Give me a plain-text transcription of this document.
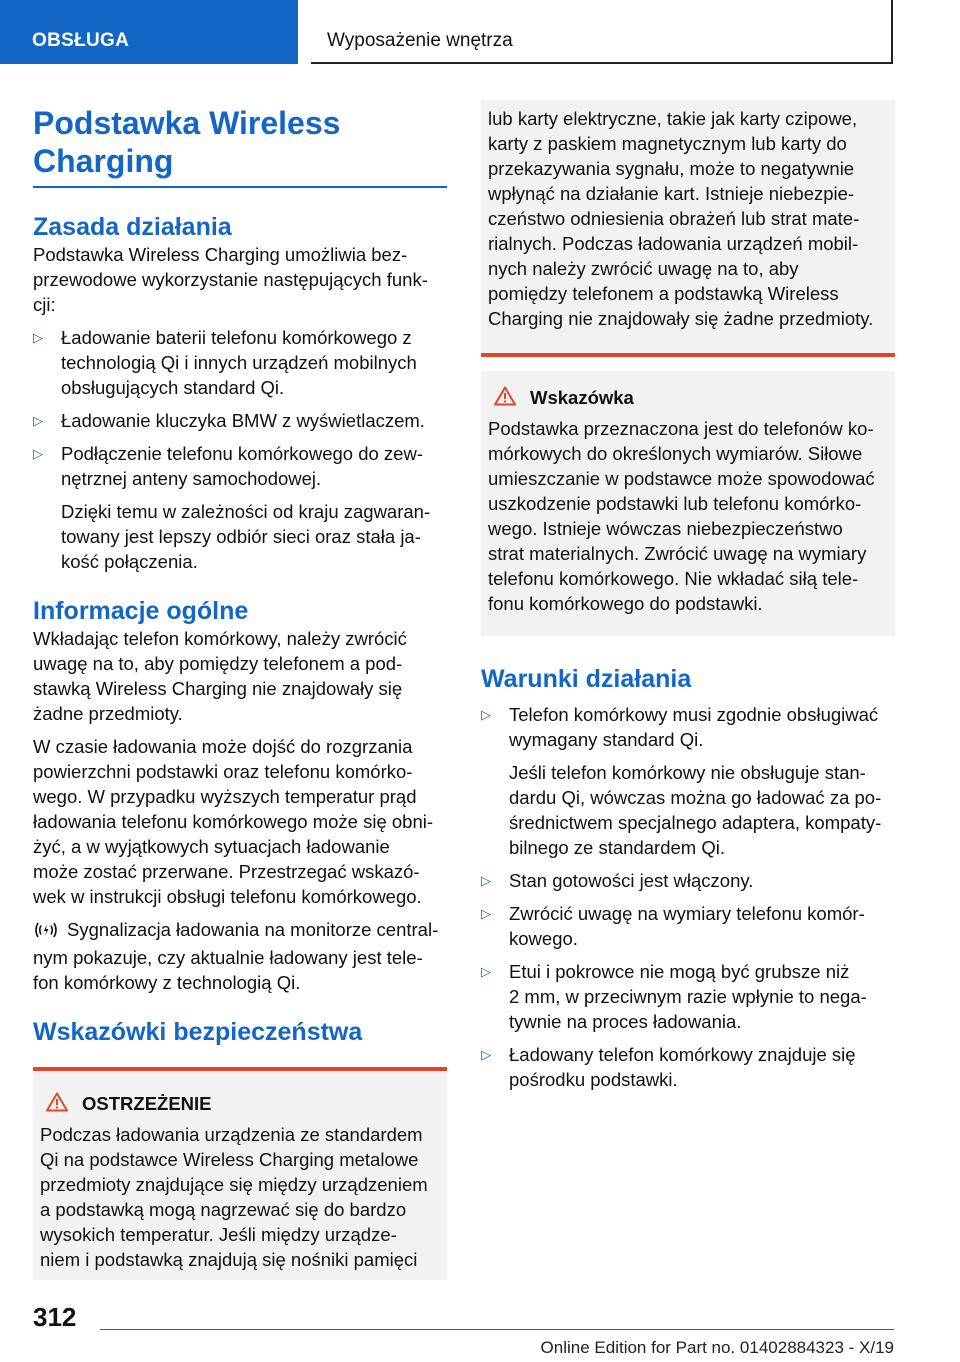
OBSŁUGA	Wyposażenie wnętrza
Podstawka Wireless
Charging
Zasada działania

Podstawka Wireless Charging umożliwia bez-
przewodowe wykorzystanie następujących funk-
cji:

▷ Ładowanie baterii telefonu komórkowego z
technologią Qi i innych urządzeń mobilnych
obsługujących standard Qi.
▷ Ładowanie kluczyka BMW z wyświetlaczem.
▷ Podłączenie telefonu komórkowego do zew-
nętrznej anteny samochodowej.

Dzięki temu w zależności od kraju zagwaran-
towany jest lepszy odbiór sieci oraz stała ja-
kość połączenia.

Informacje ogólne

Wkładając telefon komórkowy, należy zwrócić
uwagę na to, aby pomiędzy telefonem a pod-
stawką Wireless Charging nie znajdowały się
żadne przedmioty.

W czasie ładowania może dojść do rozgrzania
powierzchni podstawki oraz telefonu komórko-
wego. W przypadku wyższych temperatur prąd
ładowania telefonu komórkowego może się obni-
żyć, a w wyjątkowych sytuacjach ładowanie
może zostać przerwane. Przestrzegać wskazó-
wek w instrukcji obsługi telefonu komórkowego.

Sygnalizacja ładowania na monitorze central-
nym pokazuje, czy aktualnie ładowany jest tele-
fon komórkowy z technologią Qi.

Wskazówki bezpieczeństwa
OSTRZEŻENIE

Podczas ładowania urządzenia ze standardem
Qi na podstawce Wireless Charging metalowe
przedmioty znajdujące się między urządzeniem
a podstawką mogą nagrzewać się do bardzo
wysokich temperatur. Jeśli między urządze-
niem i podstawką znajdują się nośniki pamięci

lub karty elektryczne, takie jak karty czipowe,
karty z paskiem magnetycznym lub karty do
przekazywania sygnału, może to negatywnie
wpłynąć na działanie kart. Istnieje niebezpie-
czeństwo odniesienia obrażeń lub strat mate-
rialnych. Podczas ładowania urządzeń mobil-
nych należy zwrócić uwagę na to, aby
pomiędzy telefonem a podstawką Wireless
Charging nie znajdowały się żadne przedmioty.

Wskazówka

Podstawka przeznaczona jest do telefonów ko-
mórkowych do określonych wymiarów. Siłowe
umieszczanie w podstawce może spowodować
uszkodzenie podstawki lub telefonu komórko-
wego. Istnieje wówczas niebezpieczeństwo
strat materialnych. Zwrócić uwagę na wymiary
telefonu komórkowego. Nie wkładać siłą tele-
fonu komórkowego do podstawki.

Warunki działania
▷ Telefon komórkowy musi zgodnie obsługiwać
wymagany standard Qi.

Jeśli telefon komórkowy nie obsługuje stan-
dardu Qi, wówczas można go ładować za po-
średnictwem specjalnego adaptera, kompaty-
bilnego ze standardem Qi.

▷ Stan gotowości jest włączony.
▷ Zwrócić uwagę na wymiary telefonu komór-
kowego.
▷ Etui i pokrowce nie mogą być grubsze niż
2 mm, w przeciwnym razie wpłynie to nega-
tywnie na proces ładowania.
▷ Ładowany telefon komórkowy znajduje się
pośrodku podstawki.
312
Online Edition for Part no. 01402884323 - X/19
